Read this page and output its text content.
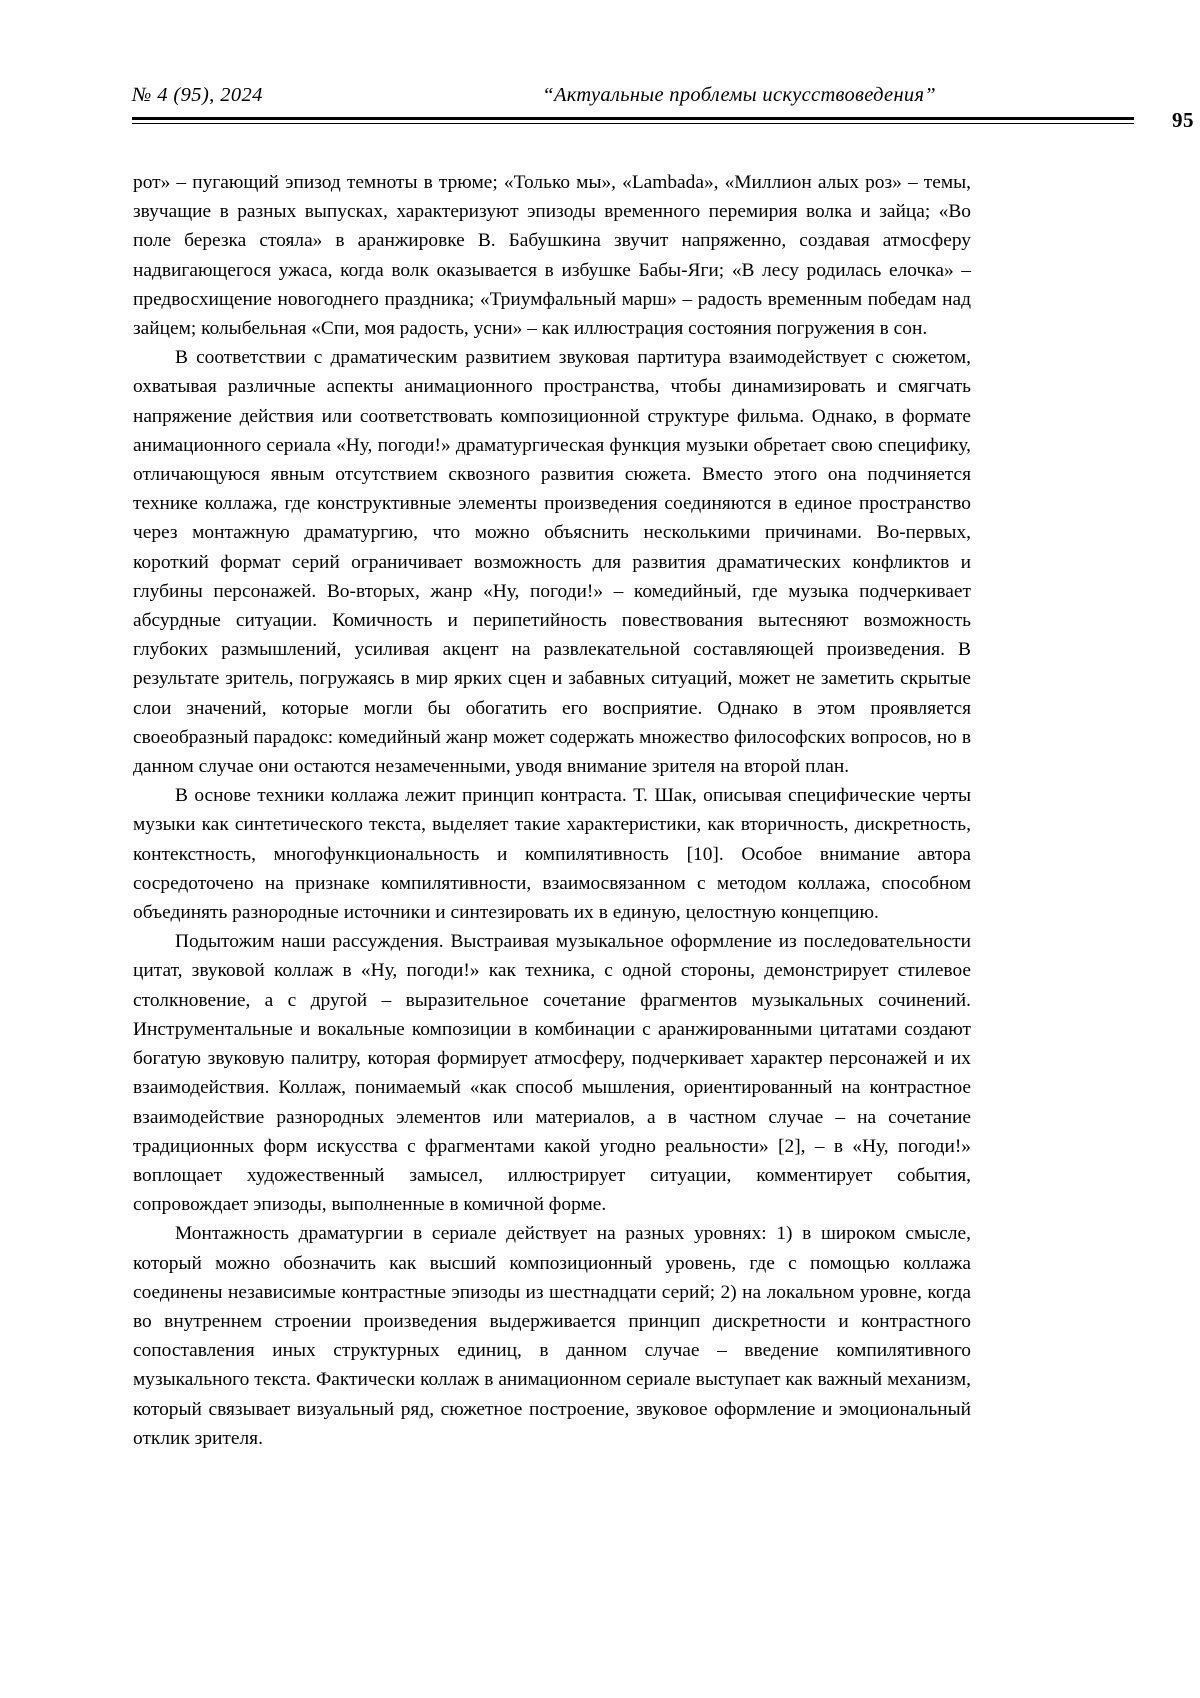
№ 4 (95), 2024	“Актуальные проблемы искусствоведения”
95

рот» – пугающий эпизод темноты в трюме; «Только мы», «Lambada», «Миллион алых роз» – темы, звучащие в разных выпусках, характеризуют эпизоды временного перемирия волка и зайца; «Во поле березка стояла» в аранжировке В. Бабушкина звучит напряженно, создавая атмосферу надвигающегося ужаса, когда волк оказывается в избушке Бабы-Яги; «В лесу родилась елочка» – предвосхищение новогоднего праздника; «Триумфальный марш» – радость временным победам над зайцем; колыбельная «Спи, моя радость, усни» – как иллюстрация состояния погружения в сон.

В соответствии с драматическим развитием звуковая партитура взаимодействует с сюжетом, охватывая различные аспекты анимационного пространства, чтобы динамизировать и смягчать напряжение действия или соответствовать композиционной структуре фильма. Однако, в формате анимационного сериала «Ну, погоди!» драматургическая функция музыки обретает свою специфику, отличающуюся явным отсутствием сквозного развития сюжета. Вместо этого она подчиняется технике коллажа, где конструктивные элементы произведения соединяются в единое пространство через монтажную драматургию, что можно объяснить несколькими причинами. Во-первых, короткий формат серий ограничивает возможность для развития драматических конфликтов и глубины персонажей. Во-вторых, жанр «Ну, погоди!» – комедийный, где музыка подчеркивает абсурдные ситуации. Комичность и перипетийность повествования вытесняют возможность глубоких размышлений, усиливая акцент на развлекательной составляющей произведения. В результате зритель, погружаясь в мир ярких сцен и забавных ситуаций, может не заметить скрытые слои значений, которые могли бы обогатить его восприятие. Однако в этом проявляется своеобразный парадокс: комедийный жанр может содержать множество философских вопросов, но в данном случае они остаются незамеченными, уводя внимание зрителя на второй план.

В основе техники коллажа лежит принцип контраста. Т. Шак, описывая специфические черты музыки как синтетического текста, выделяет такие характеристики, как вторичность, дискретность, контекстность, многофункциональность и компилятивность [10]. Особое внимание автора сосредоточено на признаке компилятивности, взаимосвязанном с методом коллажа, способном объединять разнородные источники и синтезировать их в единую, целостную концепцию.

Подытожим наши рассуждения. Выстраивая музыкальное оформление из последовательности цитат, звуковой коллаж в «Ну, погоди!» как техника, с одной стороны, демонстрирует стилевое столкновение, а с другой – выразительное сочетание фрагментов музыкальных сочинений. Инструментальные и вокальные композиции в комбинации с аранжированными цитатами создают богатую звуковую палитру, которая формирует атмосферу, подчеркивает характер персонажей и их взаимодействия. Коллаж, понимаемый «как способ мышления, ориентированный на контрастное взаимодействие разнородных элементов или материалов, а в частном случае – на сочетание традиционных форм искусства с фрагментами какой угодно реальности» [2], – в «Ну, погоди!» воплощает художественный замысел, иллюстрирует ситуации, комментирует события, сопровождает эпизоды, выполненные в комичной форме.

Монтажность драматургии в сериале действует на разных уровнях: 1) в широком смысле, который можно обозначить как высший композиционный уровень, где с помощью коллажа соединены независимые контрастные эпизоды из шестнадцати серий; 2) на локальном уровне, когда во внутреннем строении произведения выдерживается принцип дискретности и контрастного сопоставления иных структурных единиц, в данном случае – введение компилятивного музыкального текста. Фактически коллаж в анимационном сериале выступает как важный механизм, который связывает визуальный ряд, сюжетное построение, звуковое оформление и эмоциональный отклик зрителя.
